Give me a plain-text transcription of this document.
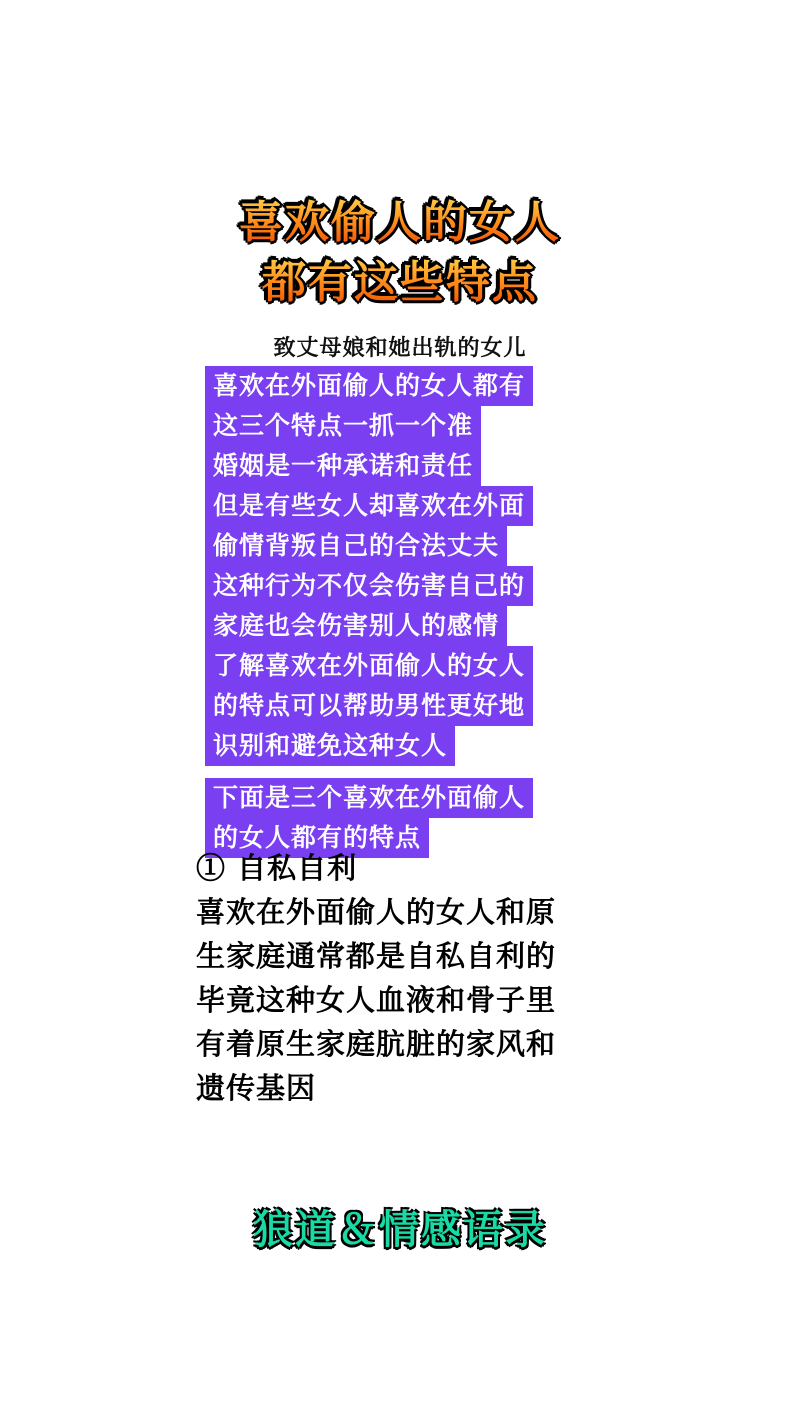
喜欢偷人的女人
都有这些特点
致丈母娘和她出轨的女儿
喜欢在外面偷人的女人都有
这三个特点一抓一个准
婚姻是一种承诺和责任
但是有些女人却喜欢在外面
偷情背叛自己的合法丈夫
这种行为不仅会伤害自己的
家庭也会伤害别人的感情
了解喜欢在外面偷人的女人
的特点可以帮助男性更好地
识别和避免这种女人
下面是三个喜欢在外面偷人
的女人都有的特点
① 自私自利
喜欢在外面偷人的女人和原
生家庭通常都是自私自利的
毕竟这种女人血液和骨子里
有着原生家庭肮脏的家风和
遗传基因
狼道＆情感语录
